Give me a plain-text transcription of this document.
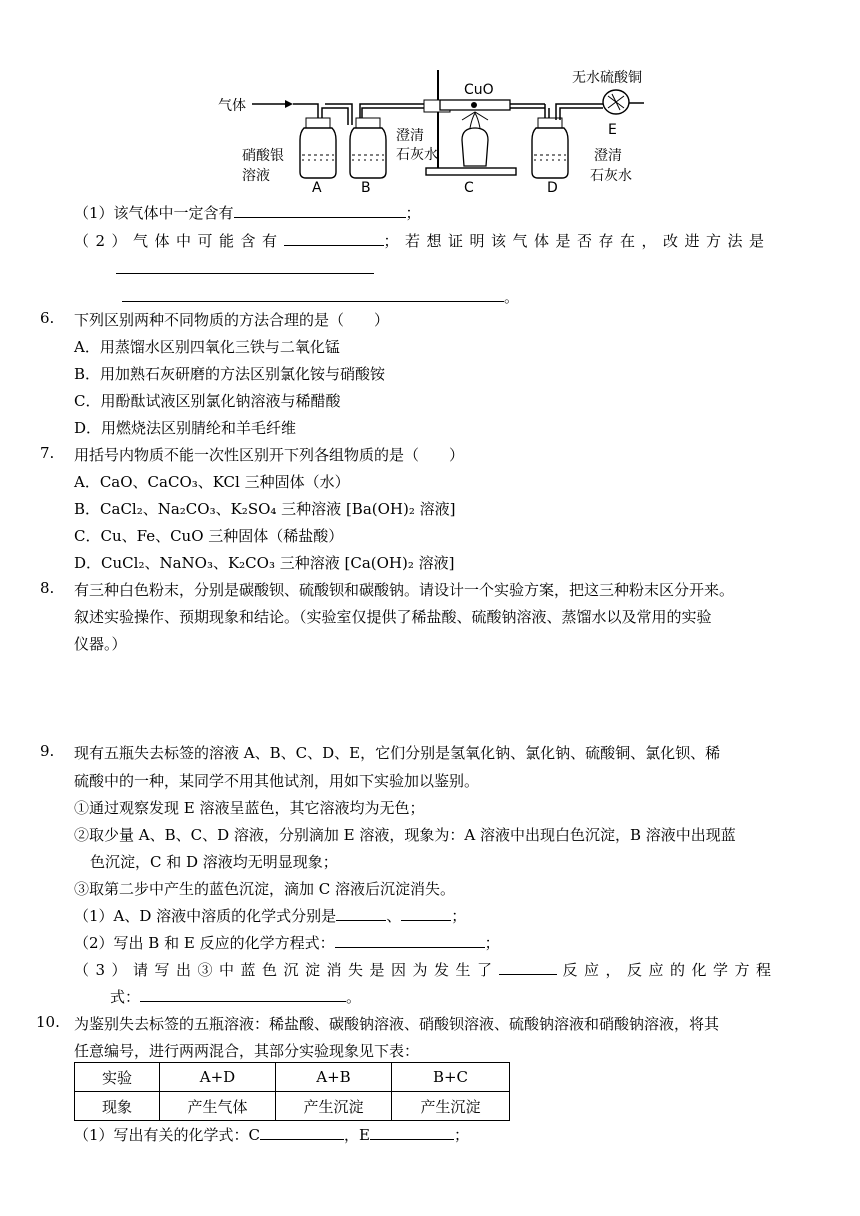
气体
CuO
无水硫酸铜
E
硝酸银
溶液
澄清
石灰水	澄清
石灰水
A	B	C	D
（1）该气体中一定含有	；
（2）气体中可能含有	；若想证明该气体是否存在，改进方法是
。
6. 下列区别两种不同物质的方法合理的是（　　）
A．用蒸馏水区别四氧化三铁与二氧化锰
B．用加熟石灰研磨的方法区别氯化铵与硝酸铵
C．用酚酞试液区别氯化钠溶液与稀醋酸
D．用燃烧法区别腈纶和羊毛纤维
7. 用括号内物质不能一次性区别开下列各组物质的是（　　）
A．CaO、CaCO₃、KCl 三种固体（水）
B．CaCl₂、Na₂CO₃、K₂SO₄ 三种溶液 [Ba(OH)₂ 溶液]
C．Cu、Fe、CuO 三种固体（稀盐酸）
D．CuCl₂、NaNO₃、K₂CO₃ 三种溶液 [Ca(OH)₂ 溶液]
8. 有三种白色粉末，分别是碳酸钡、硫酸钡和碳酸钠。请设计一个实验方案，把这三种粉末区分开来。
叙述实验操作、预期现象和结论。（实验室仅提供了稀盐酸、硫酸钠溶液、蒸馏水以及常用的实验
仪器。）
9. 现有五瓶失去标签的溶液 A、B、C、D、E，它们分别是氢氧化钠、氯化钠、硫酸铜、氯化钡、稀
硫酸中的一种，某同学不用其他试剂，用如下实验加以鉴别。
①通过观察发现 E 溶液呈蓝色，其它溶液均为无色；
②取少量 A、B、C、D 溶液，分别滴加 E 溶液，现象为：A 溶液中出现白色沉淀，B 溶液中出现蓝
色沉淀，C 和 D 溶液均无明显现象；
③取第二步中产生的蓝色沉淀，滴加 C 溶液后沉淀消失。
（1）A、D 溶液中溶质的化学式分别是	、	；
（2）写出 B 和 E 反应的化学方程式：	；
（3）请写出③中蓝色沉淀消失是因为发生了	反应，反应的化学方程
式：	。
10. 为鉴别失去标签的五瓶溶液：稀盐酸、碳酸钠溶液、硝酸钡溶液、硫酸钠溶液和硝酸钠溶液，将其
任意编号，进行两两混合，其部分实验现象见下表：
实验	A+D	A+B	B+C
现象	产生气体	产生沉淀	产生沉淀
（1）写出有关的化学式：C	，E	；
